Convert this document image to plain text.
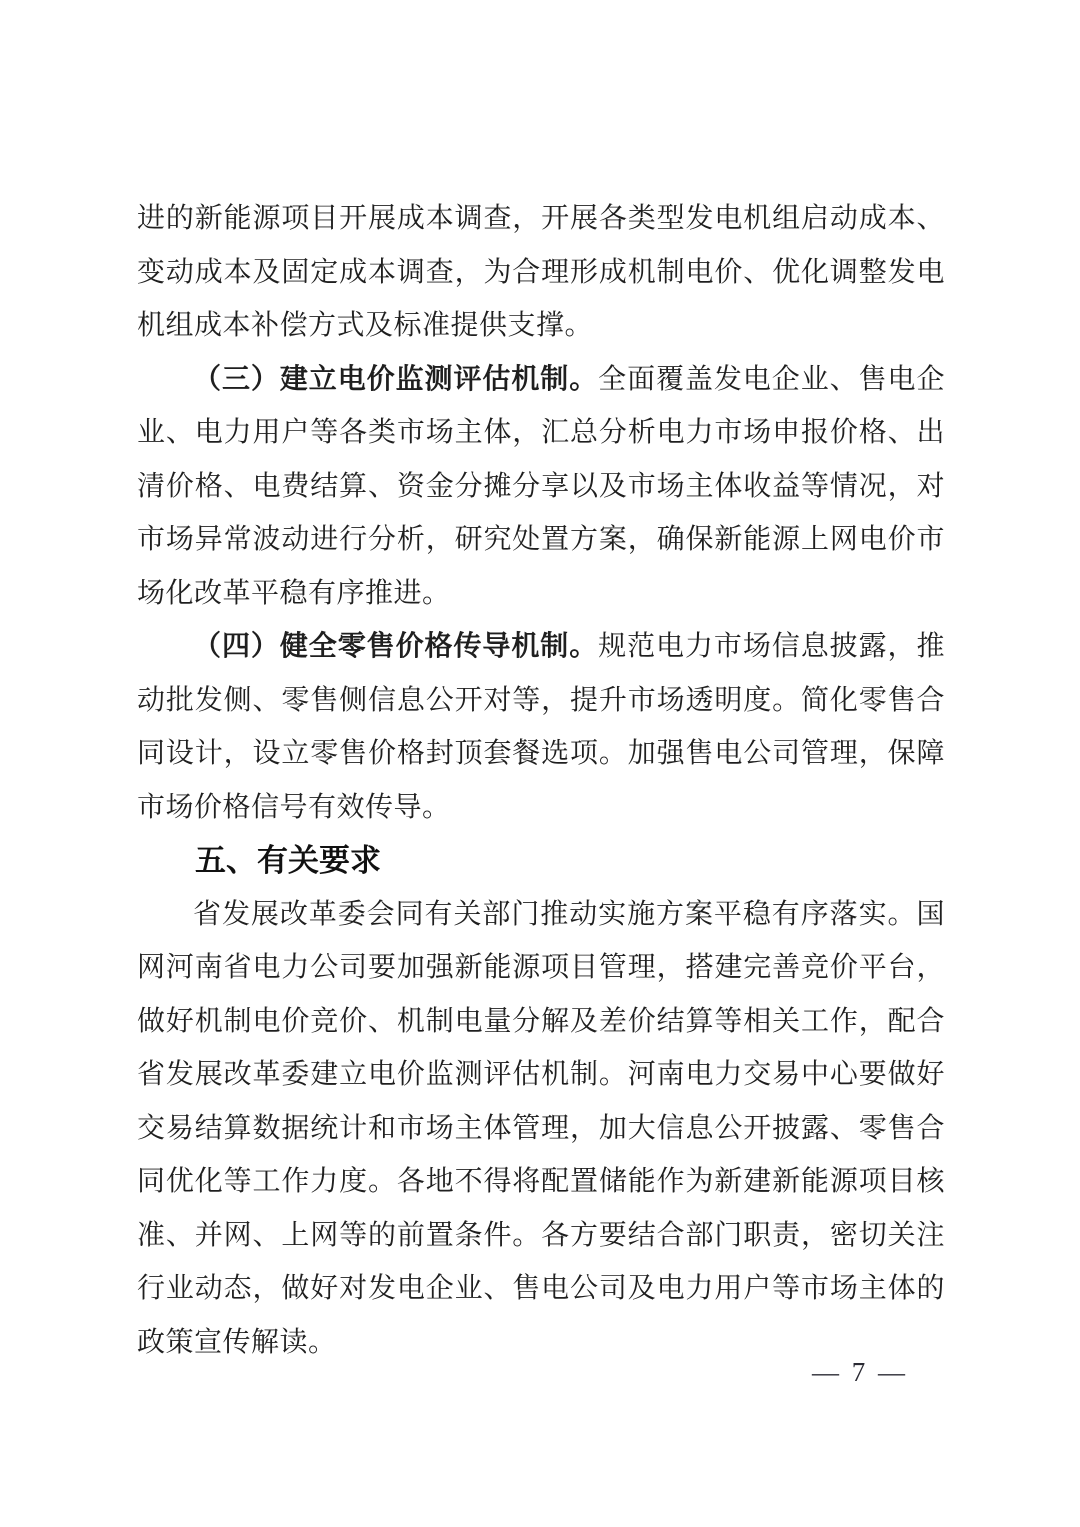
进的新能源项目开展成本调查，开展各类型发电机组启动成本、
变动成本及固定成本调查，为合理形成机制电价、优化调整发电
机组成本补偿方式及标准提供支撑。
（三）建立电价监测评估机制。全面覆盖发电企业、售电企
业、电力用户等各类市场主体，汇总分析电力市场申报价格、出
清价格、电费结算、资金分摊分享以及市场主体收益等情况，对
市场异常波动进行分析，研究处置方案，确保新能源上网电价市
场化改革平稳有序推进。
（四）健全零售价格传导机制。规范电力市场信息披露，推
动批发侧、零售侧信息公开对等，提升市场透明度。简化零售合
同设计，设立零售价格封顶套餐选项。加强售电公司管理，保障
市场价格信号有效传导。
五、有关要求
省发展改革委会同有关部门推动实施方案平稳有序落实。国
网河南省电力公司要加强新能源项目管理，搭建完善竞价平台，
做好机制电价竞价、机制电量分解及差价结算等相关工作，配合
省发展改革委建立电价监测评估机制。河南电力交易中心要做好
交易结算数据统计和市场主体管理，加大信息公开披露、零售合
同优化等工作力度。各地不得将配置储能作为新建新能源项目核
准、并网、上网等的前置条件。各方要结合部门职责，密切关注
行业动态，做好对发电企业、售电公司及电力用户等市场主体的
政策宣传解读。
— 7 —
